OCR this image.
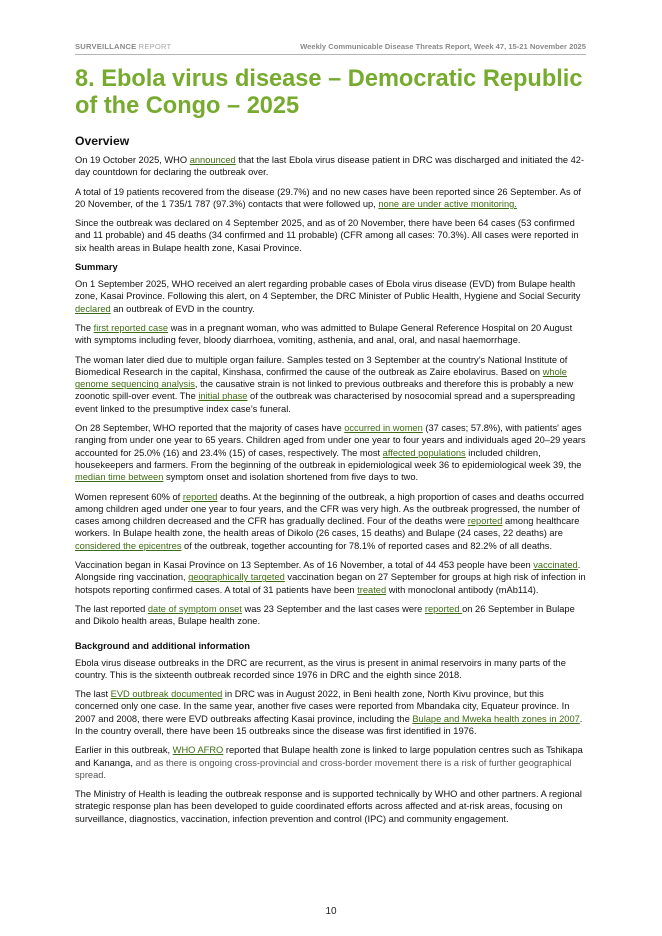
SURVEILLANCE REPORT	Weekly Communicable Disease Threats Report, Week 47, 15-21 November 2025
8. Ebola virus disease – Democratic Republic of the Congo – 2025
Overview

On 19 October 2025, WHO announced that the last Ebola virus disease patient in DRC was discharged and initiated the 42-day countdown for declaring the outbreak over.

A total of 19 patients recovered from the disease (29.7%) and no new cases have been reported since 26 September. As of 20 November, of the 1 735/1 787 (97.3%) contacts that were followed up, none are under active monitoring.

Since the outbreak was declared on 4 September 2025, and as of 20 November, there have been 64 cases (53 confirmed and 11 probable) and 45 deaths (34 confirmed and 11 probable) (CFR among all cases: 70.3%). All cases were reported in six health areas in Bulape health zone, Kasai Province.

Summary

On 1 September 2025, WHO received an alert regarding probable cases of Ebola virus disease (EVD) from Bulape health zone, Kasai Province. Following this alert, on 4 September, the DRC Minister of Public Health, Hygiene and Social Security declared an outbreak of EVD in the country.

The first reported case was in a pregnant woman, who was admitted to Bulape General Reference Hospital on 20 August with symptoms including fever, bloody diarrhoea, vomiting, asthenia, and anal, oral, and nasal haemorrhage.

The woman later died due to multiple organ failure. Samples tested on 3 September at the country’s National Institute of Biomedical Research in the capital, Kinshasa, confirmed the cause of the outbreak as Zaire ebolavirus. Based on whole genome sequencing analysis, the causative strain is not linked to previous outbreaks and therefore this is probably a new zoonotic spill-over event. The initial phase of the outbreak was characterised by nosocomial spread and a superspreading event linked to the presumptive index case’s funeral.

On 28 September, WHO reported that the majority of cases have occurred in women (37 cases; 57.8%), with patients' ages ranging from under one year to 65 years. Children aged from under one year to four years and individuals aged 20–29 years accounted for 25.0% (16) and 23.4% (15) of cases, respectively. The most affected populations included children, housekeepers and farmers. From the beginning of the outbreak in epidemiological week 36 to epidemiological week 39, the median time between symptom onset and isolation shortened from five days to two.

Women represent 60% of reported deaths. At the beginning of the outbreak, a high proportion of cases and deaths occurred among children aged under one year to four years, and the CFR was very high. As the outbreak progressed, the number of cases among children decreased and the CFR has gradually declined. Four of the deaths were reported among healthcare workers. In Bulape health zone, the health areas of Dikolo (26 cases, 15 deaths) and Bulape (24 cases, 22 deaths) are considered the epicentres of the outbreak, together accounting for 78.1% of reported cases and 82.2% of all deaths.

Vaccination began in Kasai Province on 13 September. As of 16 November, a total of 44 453 people have been vaccinated. Alongside ring vaccination, geographically targeted vaccination began on 27 September for groups at high risk of infection in hotspots reporting confirmed cases. A total of 31 patients have been treated with monoclonal antibody (mAb114).

The last reported date of symptom onset was 23 September and the last cases were reported on 26 September in Bulape and Dikolo health areas, Bulape health zone.

Background and additional information

Ebola virus disease outbreaks in the DRC are recurrent, as the virus is present in animal reservoirs in many parts of the country. This is the sixteenth outbreak recorded since 1976 in DRC and the eighth since 2018.

The last EVD outbreak documented in DRC was in August 2022, in Beni health zone, North Kivu province, but this concerned only one case. In the same year, another five cases were reported from Mbandaka city, Equateur province. In 2007 and 2008, there were EVD outbreaks affecting Kasai province, including the Bulape and Mweka health zones in 2007. In the country overall, there have been 15 outbreaks since the disease was first identified in 1976.

Earlier in this outbreak, WHO AFRO reported that Bulape health zone is linked to large population centres such as Tshikapa and Kananga, and as there is ongoing cross-provincial and cross-border movement there is a risk of further geographical spread.

The Ministry of Health is leading the outbreak response and is supported technically by WHO and other partners. A regional strategic response plan has been developed to guide coordinated efforts across affected and at-risk areas, focusing on surveillance, diagnostics, vaccination, infection prevention and control (IPC) and community engagement.

10
